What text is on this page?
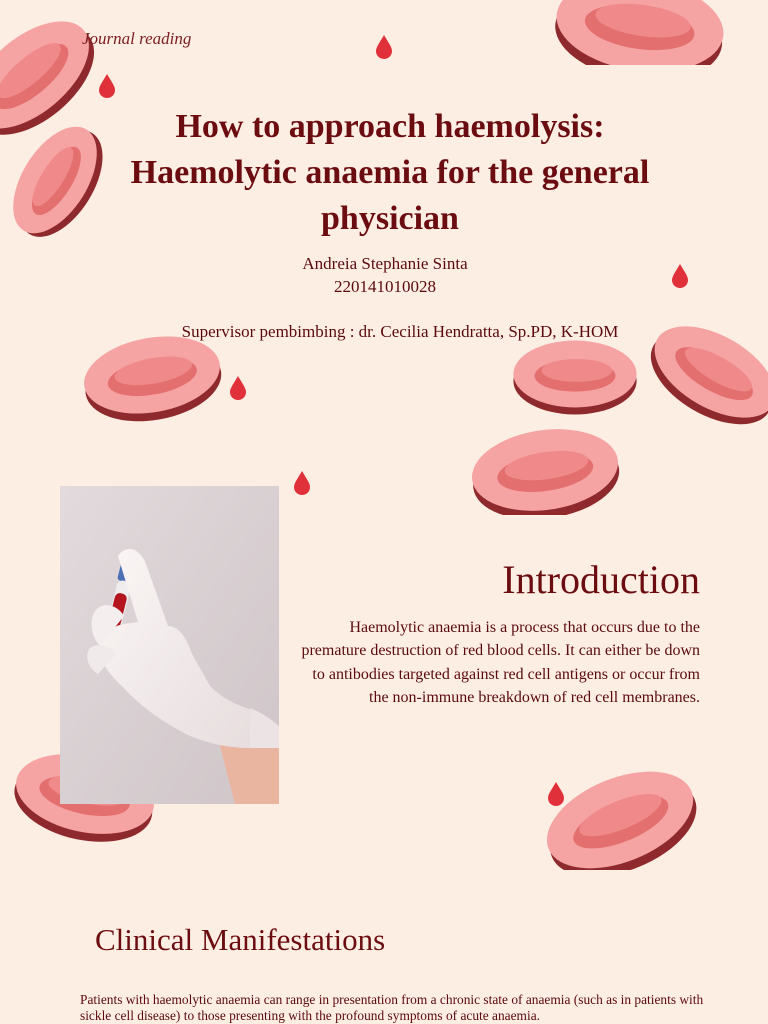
Journal reading
How to approach haemolysis:
Haemolytic anaemia for the general
physician
Andreia Stephanie Sinta
220141010028
Supervisor pembimbing : dr. Cecilia Hendratta, Sp.PD, K-HOM
Introduction
Haemolytic anaemia is a process that occurs due to the premature destruction of red blood cells. It can either be down to antibodies targeted against red cell antigens or occur from the non-immune breakdown of red cell membranes.
Clinical Manifestations
Patients with haemolytic anaemia can range in presentation from a chronic state of anaemia (such as in patients with sickle cell disease) to those presenting with the profound symptoms of acute anaemia.
